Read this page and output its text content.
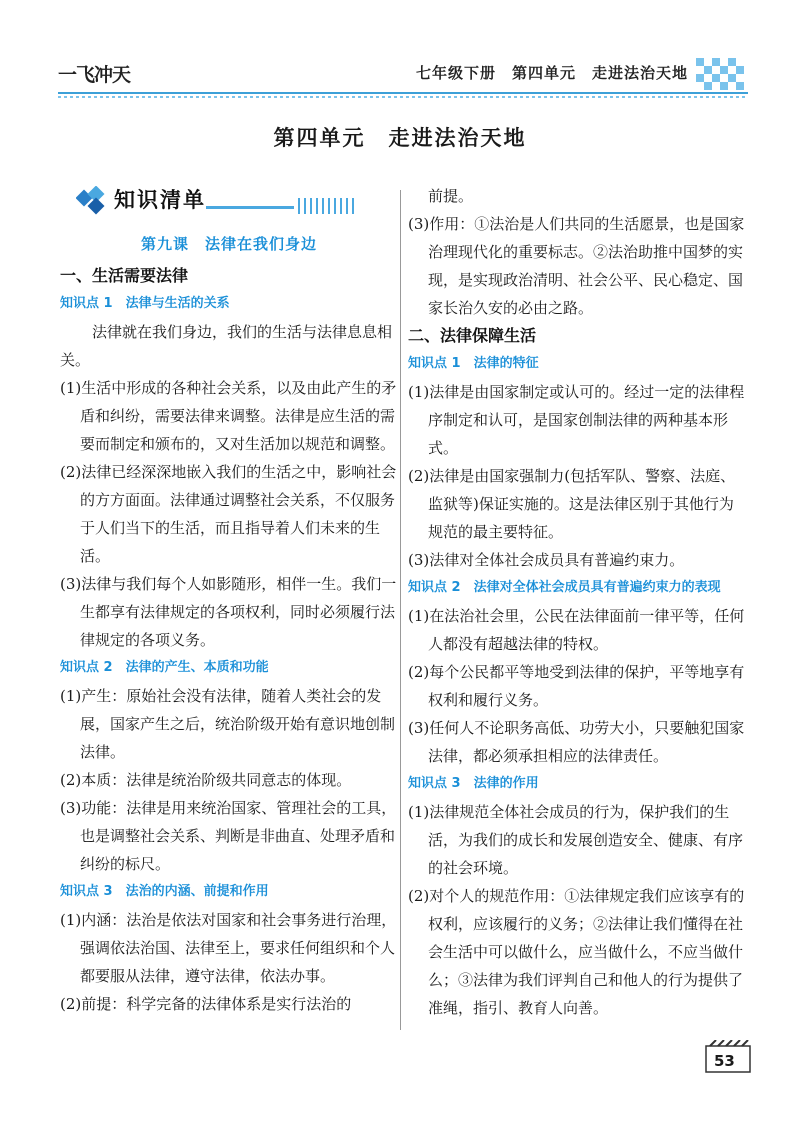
一飞冲天	七年级下册　第四单元　走进法治天地
第四单元　走进法治天地
知识清单
第九课　法律在我们身边

一、生活需要法律

知识点 1　法律与生活的关系

法律就在我们身边，我们的生活与法律息息相关。

(1)生活中形成的各种社会关系，以及由此产生的矛盾和纠纷，需要法律来调整。法律是应生活的需要而制定和颁布的，又对生活加以规范和调整。

(2)法律已经深深地嵌入我们的生活之中，影响社会的方方面面。法律通过调整社会关系，不仅服务于人们当下的生活，而且指导着人们未来的生活。

(3)法律与我们每个人如影随形，相伴一生。我们一生都享有法律规定的各项权利，同时必须履行法律规定的各项义务。

知识点 2　法律的产生、本质和功能

(1)产生：原始社会没有法律，随着人类社会的发展，国家产生之后，统治阶级开始有意识地创制法律。

(2)本质：法律是统治阶级共同意志的体现。

(3)功能：法律是用来统治国家、管理社会的工具，也是调整社会关系、判断是非曲直、处理矛盾和纠纷的标尺。

知识点 3　法治的内涵、前提和作用

(1)内涵：法治是依法对国家和社会事务进行治理，强调依法治国、法律至上，要求任何组织和个人都要服从法律，遵守法律，依法办事。

(2)前提：科学完备的法律体系是实行法治的

前提。

(3)作用：①法治是人们共同的生活愿景，也是国家治理现代化的重要标志。②法治助推中国梦的实现，是实现政治清明、社会公平、民心稳定、国家长治久安的必由之路。

二、法律保障生活

知识点 1　法律的特征

(1)法律是由国家制定或认可的。经过一定的法律程序制定和认可，是国家创制法律的两种基本形式。

(2)法律是由国家强制力(包括军队、警察、法庭、监狱等)保证实施的。这是法律区别于其他行为规范的最主要特征。

(3)法律对全体社会成员具有普遍约束力。

知识点 2　法律对全体社会成员具有普遍约束力的表现

(1)在法治社会里，公民在法律面前一律平等，任何人都没有超越法律的特权。

(2)每个公民都平等地受到法律的保护，平等地享有权利和履行义务。

(3)任何人不论职务高低、功劳大小，只要触犯国家法律，都必须承担相应的法律责任。

知识点 3　法律的作用

(1)法律规范全体社会成员的行为，保护我们的生活，为我们的成长和发展创造安全、健康、有序的社会环境。

(2)对个人的规范作用：①法律规定我们应该享有的权利，应该履行的义务；②法律让我们懂得在社会生活中可以做什么，应当做什么，不应当做什么；③法律为我们评判自己和他人的行为提供了准绳，指引、教育人向善。

53
